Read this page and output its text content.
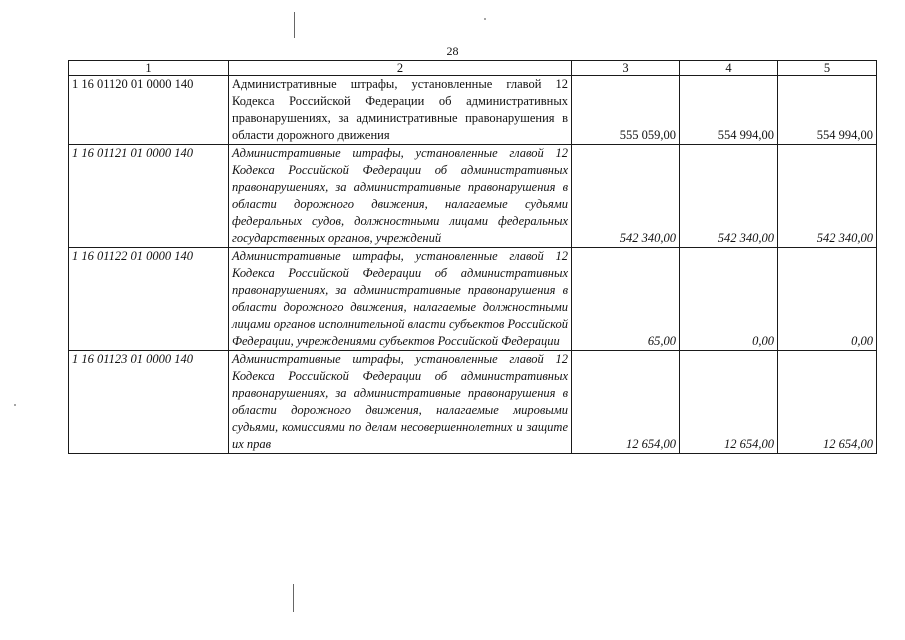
28
1	2	3	4	5
1 16 01120 01 0000 140	Административные штрафы, установленные главой 12 Кодекса Российской Федерации об административных правонарушениях, за административные правонарушения в области дорожного движения	555 059,00	554 994,00	554 994,00
1 16 01121 01 0000 140	Административные штрафы, установленные главой 12 Кодекса Российской Федерации об административных правонарушениях, за административные правонарушения в области дорожного движения, налагаемые судьями федеральных судов, должностными лицами федеральных государственных органов, учреждений	542 340,00	542 340,00	542 340,00
1 16 01122 01 0000 140	Административные штрафы, установленные главой 12 Кодекса Российской Федерации об административных правонарушениях, за административные правонарушения в области дорожного движения, налагаемые должностными лицами органов исполнительной власти субъектов Российской Федерации, учреждениями субъектов Российской Федерации	65,00	0,00	0,00
1 16 01123 01 0000 140	Административные штрафы, установленные главой 12 Кодекса Российской Федерации об административных правонарушениях, за административные правонарушения в области дорожного движения, налагаемые мировыми судьями, комиссиями по делам несовершеннолетних и защите их прав	12 654,00	12 654,00	12 654,00
